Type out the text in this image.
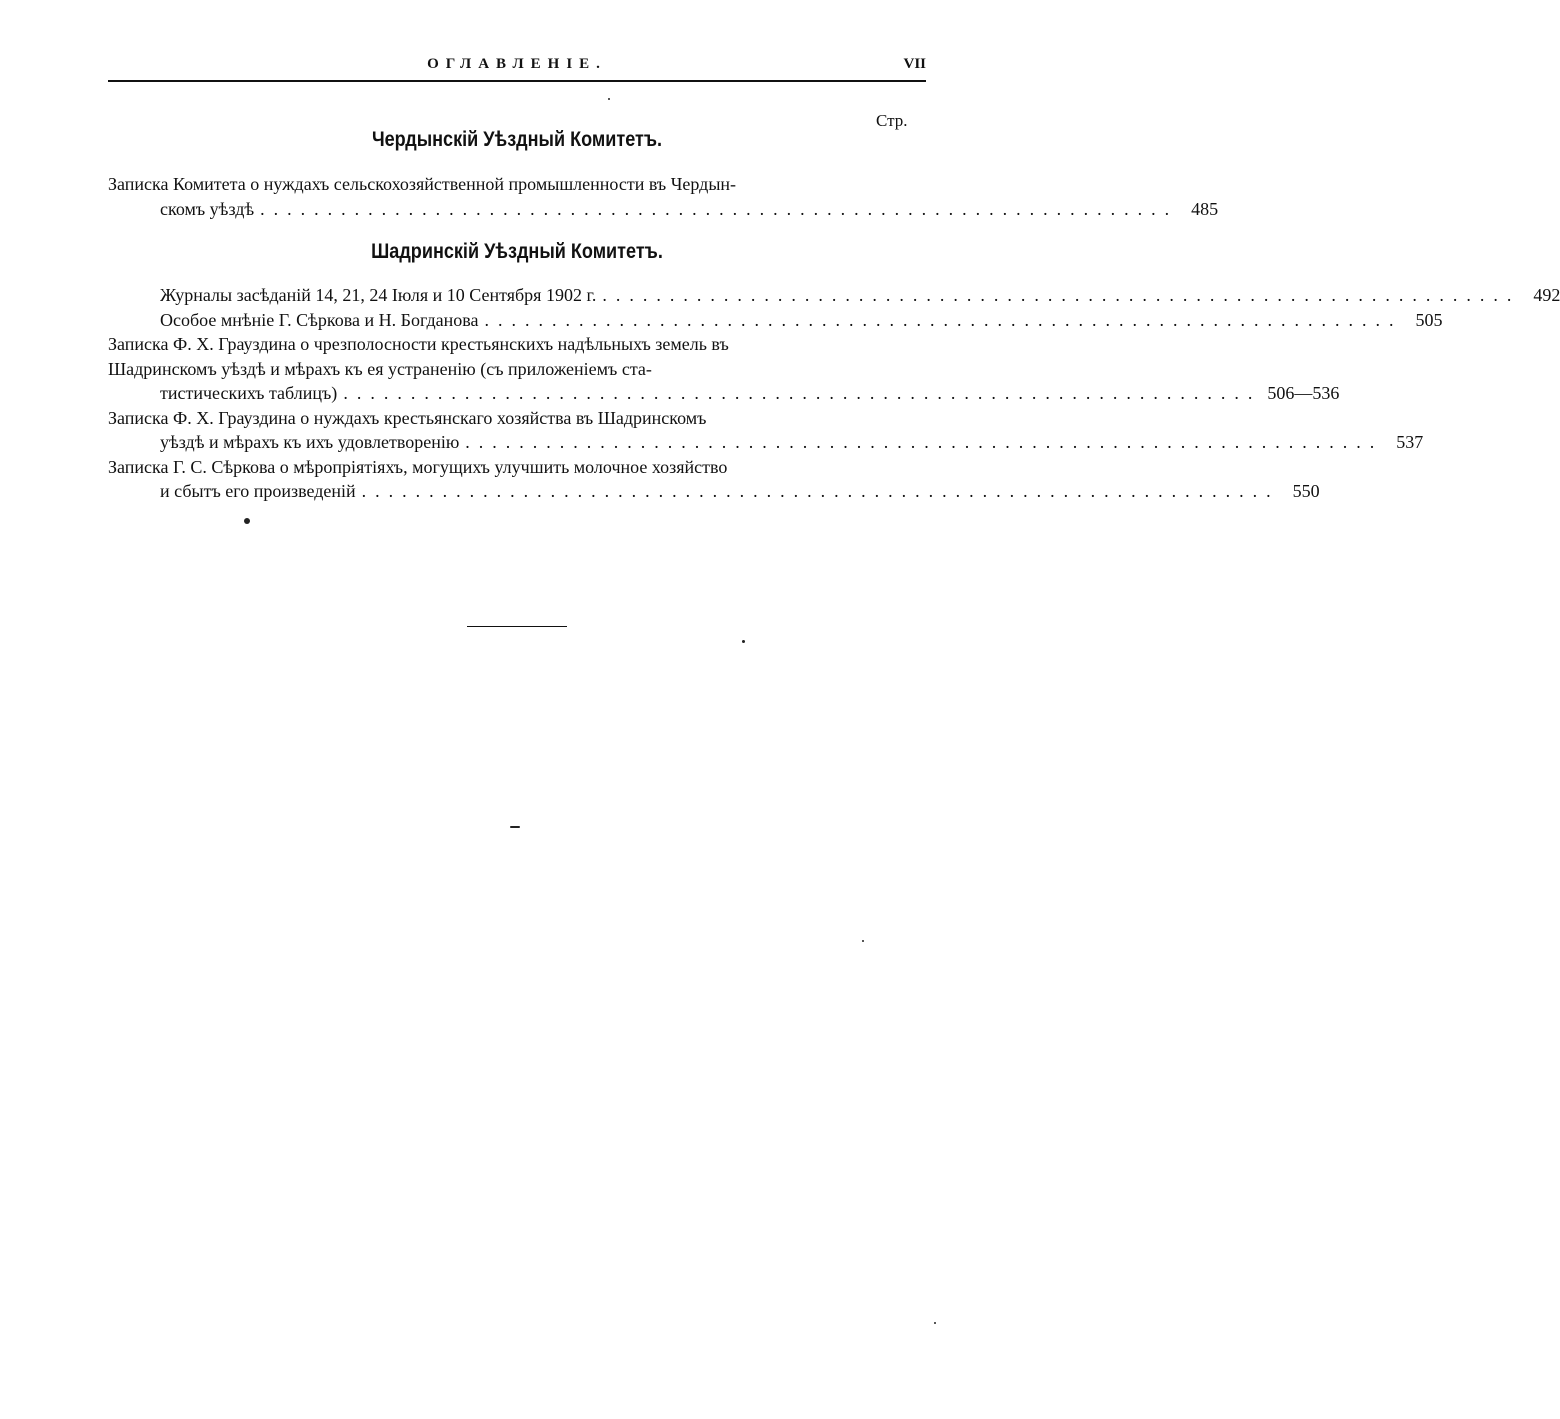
ОГЛАВЛЕНІЕ.	VII
Стр.
Чердынскій Уѣздный Комитетъ.
Записка Комитета о нуждахъ сельскохозяйственной промышленности въ Чердын-
скомъ уѣздѣ .................................................................... 485
Шадринскій Уѣздный Комитетъ.
Журналы засѣданій 14, 21, 24 Іюля и 10 Сентября 1902 г. .................................................................... 492
Особое мнѣніе Г. Сѣркова и Н. Богданова .................................................................... 505
Записка Ф. Х. Грауздина о чрезполосности крестьянскихъ надѣльныхъ земель въ
Шадринскомъ уѣздѣ и мѣрахъ къ ея устраненію (съ приложеніемъ ста-
тистическихъ таблицъ) .................................................................... 506—536
Записка Ф. Х. Грауздина о нуждахъ крестьянскаго хозяйства въ Шадринскомъ
уѣздѣ и мѣрахъ къ ихъ удовлетворенію .................................................................... 537
Записка Г. С. Сѣркова о мѣропріятіяхъ, могущихъ улучшить молочное хозяйство
и сбытъ его произведеній .................................................................... 550
